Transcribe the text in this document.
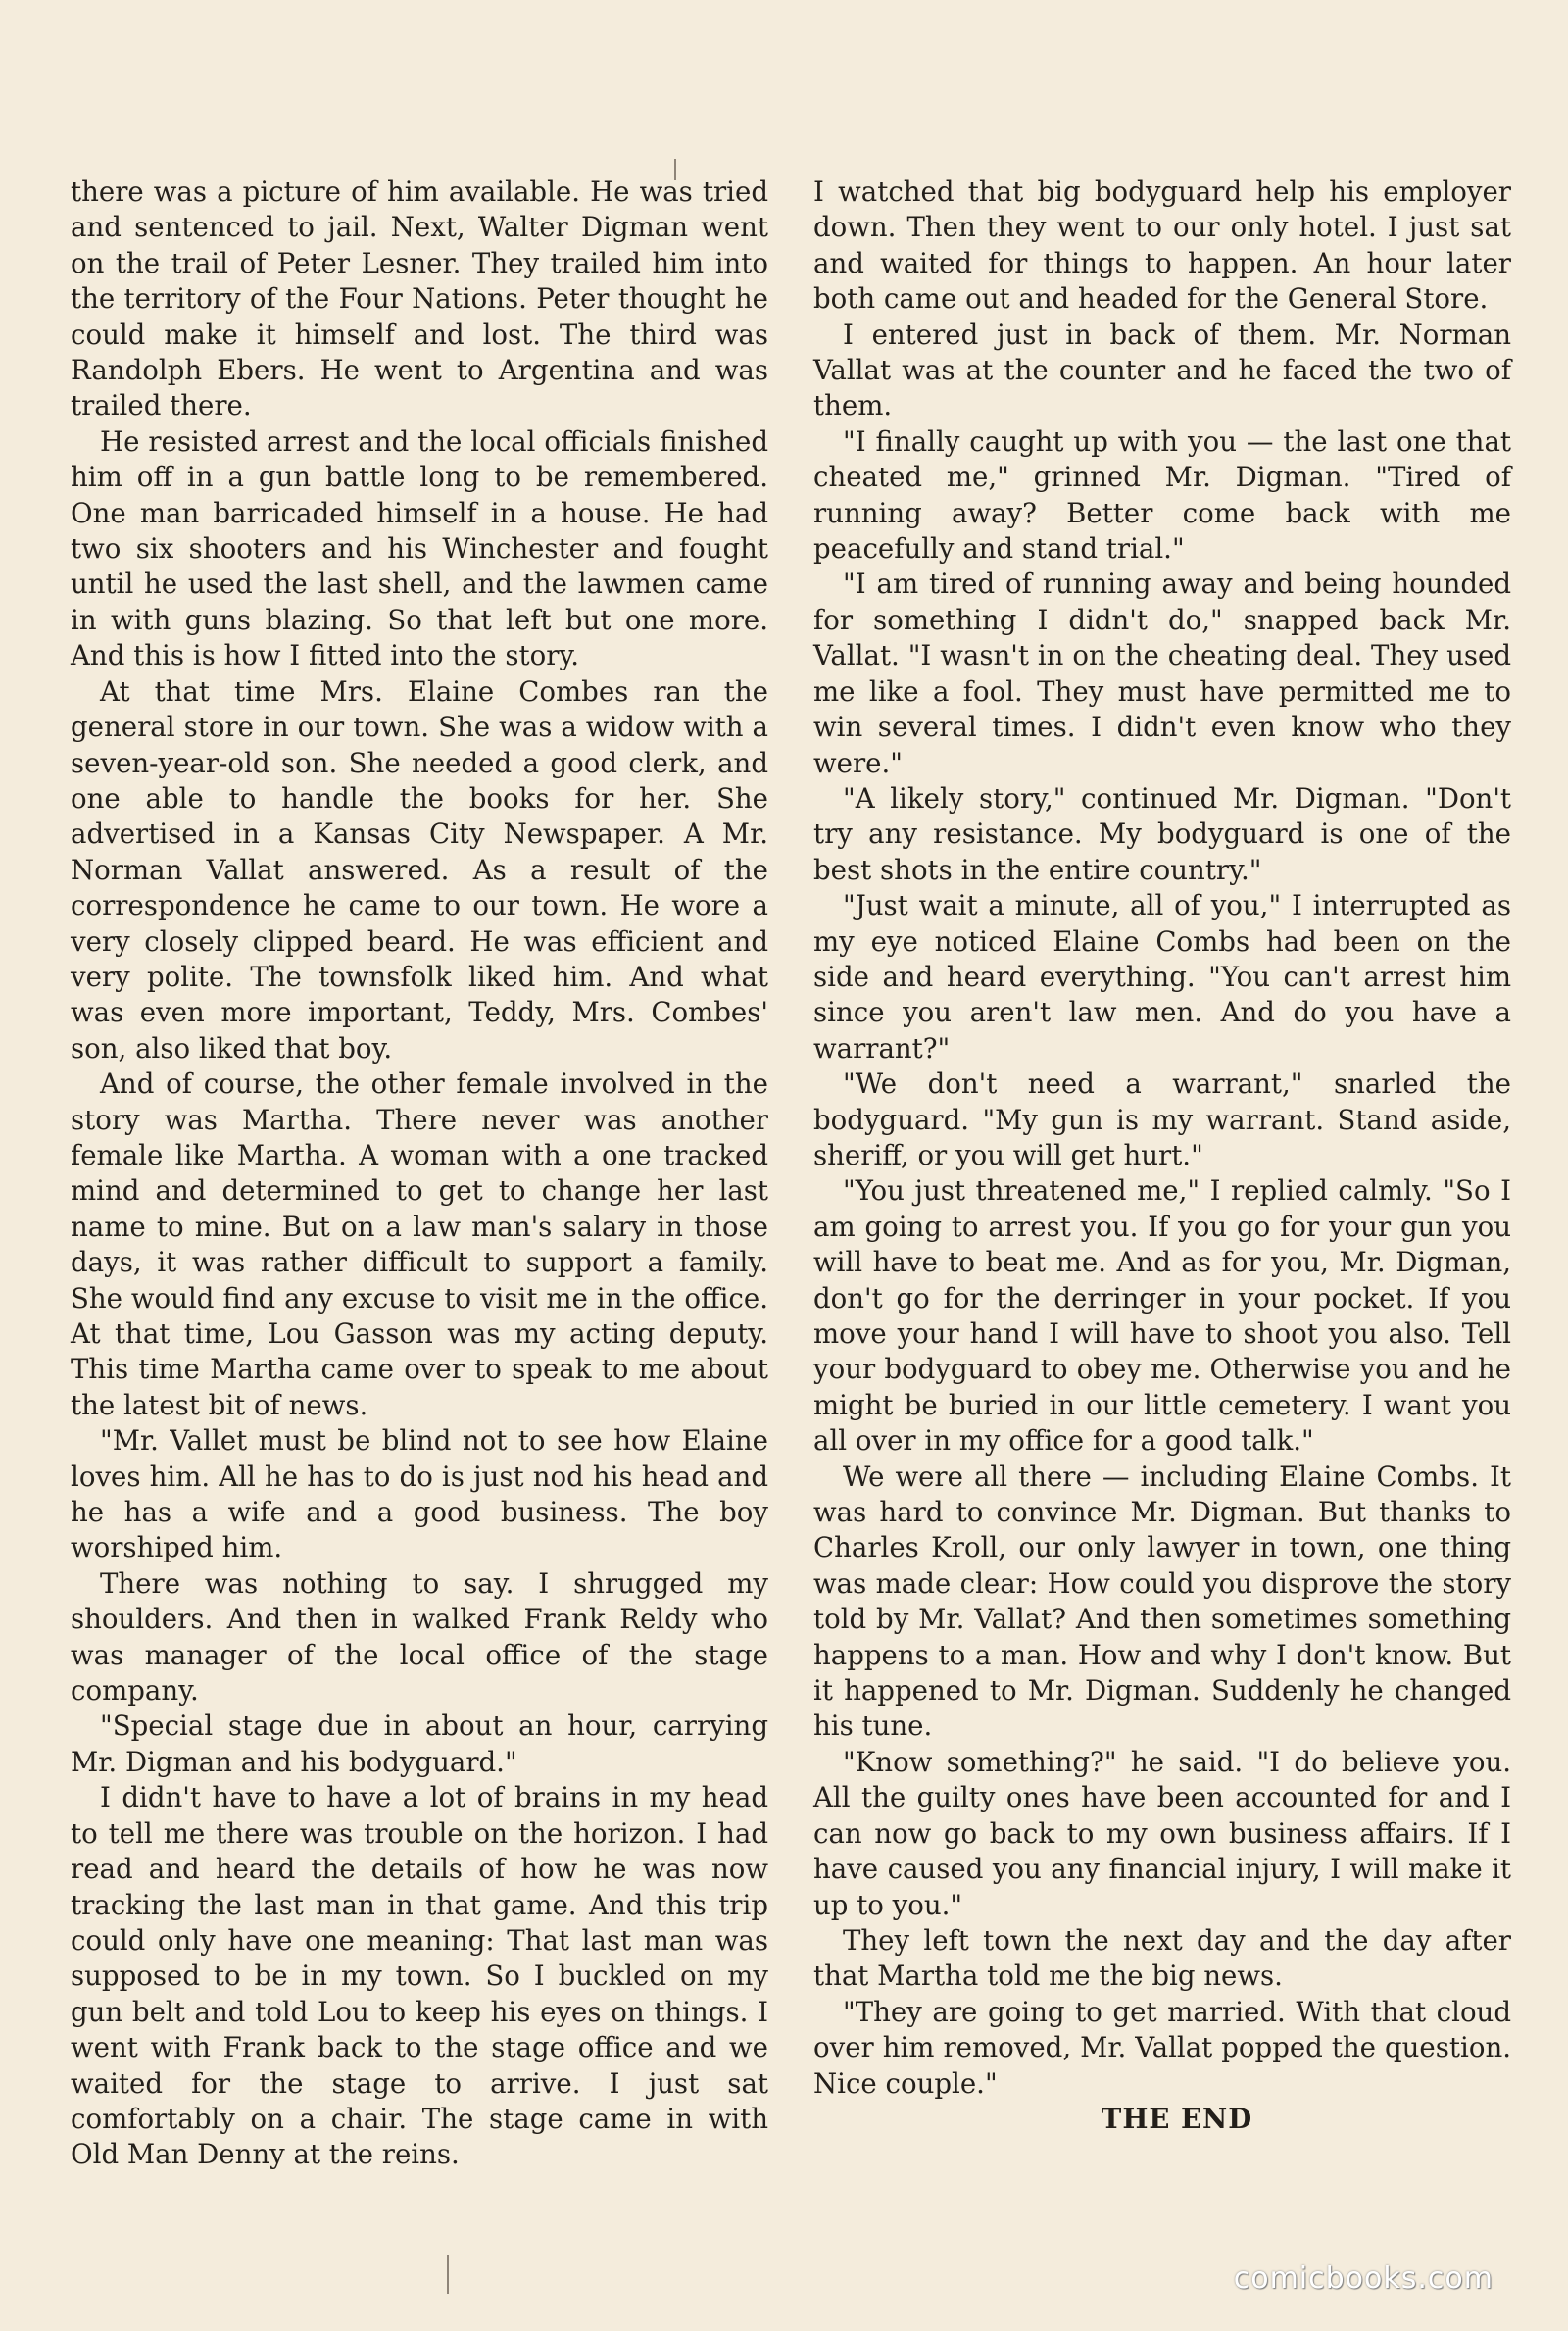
there was a picture of him available. He was tried and sentenced to jail. Next, Walter Digman went on the trail of Peter Lesner. They trailed him into the territory of the Four Nations. Peter thought he could make it himself and lost. The third was Randolph Ebers. He went to Argentina and was trailed there.

He resisted arrest and the local officials finished him off in a gun battle long to be remembered. One man barricaded himself in a house. He had two six shooters and his Winchester and fought until he used the last shell, and the lawmen came in with guns blazing. So that left but one more. And this is how I fitted into the story.

At that time Mrs. Elaine Combes ran the general store in our town. She was a widow with a seven-year-old son. She needed a good clerk, and one able to handle the books for her. She advertised in a Kansas City Newspaper. A Mr. Norman Vallat answered. As a result of the correspondence he came to our town. He wore a very closely clipped beard. He was efficient and very polite. The townsfolk liked him. And what was even more important, Teddy, Mrs. Combes' son, also liked that boy.

And of course, the other female involved in the story was Martha. There never was another female like Martha. A woman with a one tracked mind and determined to get to change her last name to mine. But on a law man's salary in those days, it was rather difficult to support a family. She would find any excuse to visit me in the office. At that time, Lou Gasson was my acting deputy. This time Martha came over to speak to me about the latest bit of news.

"Mr. Vallet must be blind not to see how Elaine loves him. All he has to do is just nod his head and he has a wife and a good business. The boy worshiped him.

There was nothing to say. I shrugged my shoulders. And then in walked Frank Reldy who was manager of the local office of the stage company.

"Special stage due in about an hour, carrying Mr. Digman and his bodyguard."

I didn't have to have a lot of brains in my head to tell me there was trouble on the horizon. I had read and heard the details of how he was now tracking the last man in that game. And this trip could only have one meaning: That last man was supposed to be in my town. So I buckled on my gun belt and told Lou to keep his eyes on things. I went with Frank back to the stage office and we waited for the stage to arrive. I just sat comfortably on a chair. The stage came in with Old Man Denny at the reins.

I watched that big bodyguard help his employer down. Then they went to our only hotel. I just sat and waited for things to happen. An hour later both came out and headed for the General Store.

I entered just in back of them. Mr. Norman Vallat was at the counter and he faced the two of them.

"I finally caught up with you — the last one that cheated me," grinned Mr. Digman. "Tired of running away? Better come back with me peacefully and stand trial."

"I am tired of running away and being hounded for something I didn't do," snapped back Mr. Vallat. "I wasn't in on the cheating deal. They used me like a fool. They must have permitted me to win several times. I didn't even know who they were."

"A likely story," continued Mr. Digman. "Don't try any resistance. My bodyguard is one of the best shots in the entire country."

"Just wait a minute, all of you," I interrupted as my eye noticed Elaine Combs had been on the side and heard everything. "You can't arrest him since you aren't law men. And do you have a warrant?"

"We don't need a warrant," snarled the bodyguard. "My gun is my warrant. Stand aside, sheriff, or you will get hurt."

"You just threatened me," I replied calmly. "So I am going to arrest you. If you go for your gun you will have to beat me. And as for you, Mr. Digman, don't go for the derringer in your pocket. If you move your hand I will have to shoot you also. Tell your bodyguard to obey me. Otherwise you and he might be buried in our little cemetery. I want you all over in my office for a good talk."

We were all there — including Elaine Combs. It was hard to convince Mr. Digman. But thanks to Charles Kroll, our only lawyer in town, one thing was made clear: How could you disprove the story told by Mr. Vallat? And then sometimes something happens to a man. How and why I don't know. But it happened to Mr. Digman. Suddenly he changed his tune.

"Know something?" he said. "I do believe you. All the guilty ones have been accounted for and I can now go back to my own business affairs. If I have caused you any financial injury, I will make it up to you."

They left town the next day and the day after that Martha told me the big news.

"They are going to get married. With that cloud over him removed, Mr. Vallat popped the question. Nice couple."

THE END

comicbooks.com
